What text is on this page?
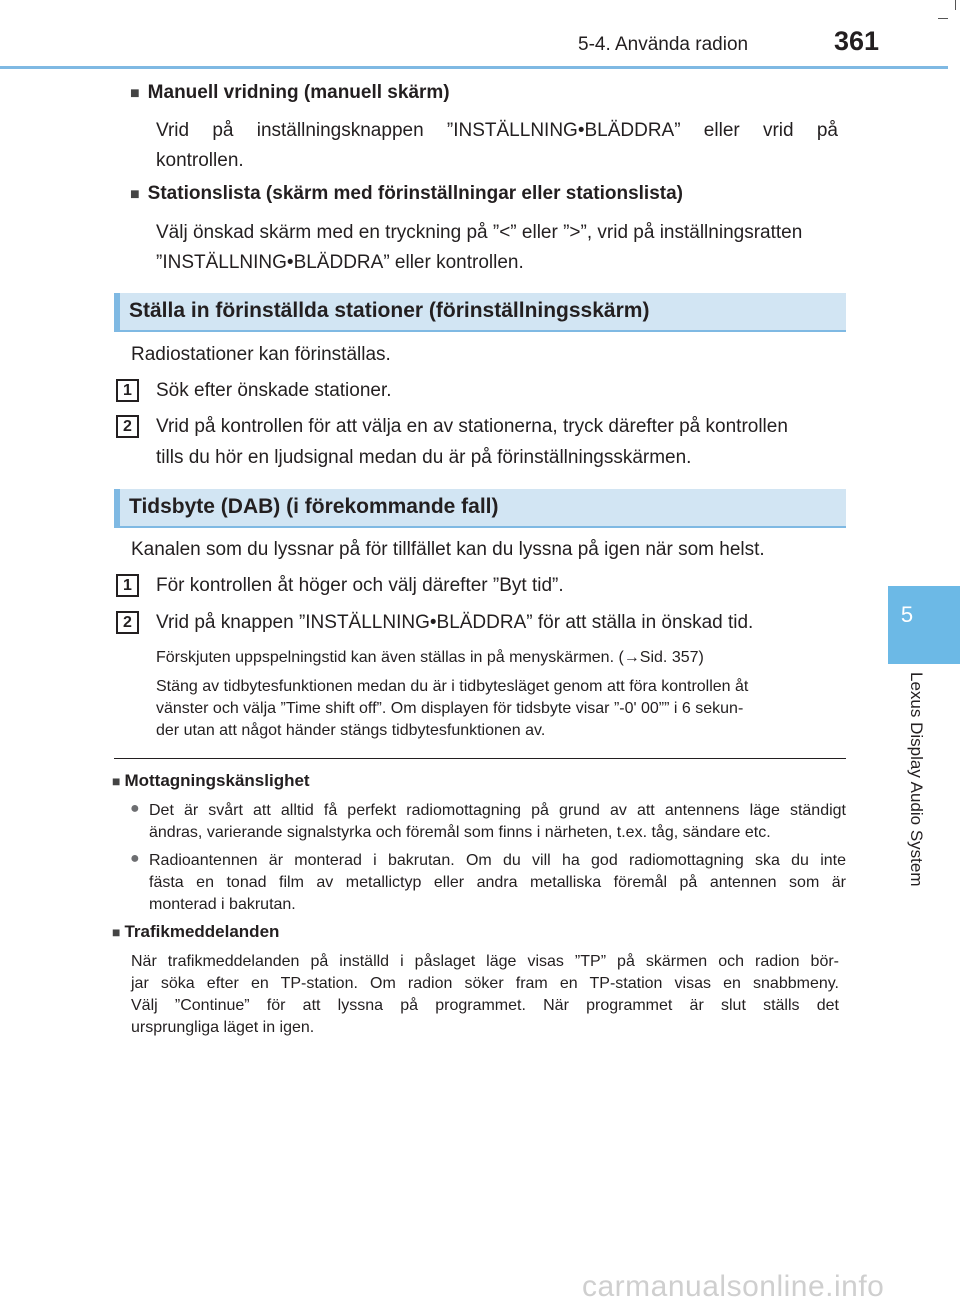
5-4. Använda radion	361
5
Lexus Display Audio System
■ Manuell vridning (manuell skärm)
Vrid på inställningsknappen ”INSTÄLLNING•BLÄDDRA” eller vrid på
kontrollen.
■ Stationslista (skärm med förinställningar eller stationslista)
Välj önskad skärm med en tryckning på ”<” eller ”>”, vrid på inställningsratten
”INSTÄLLNING•BLÄDDRA” eller kontrollen.
Ställa in förinställda stationer (förinställningsskärm)
Radiostationer kan förinställas.
1	Sök efter önskade stationer.
2	Vrid på kontrollen för att välja en av stationerna, tryck därefter på kontrollen
tills du hör en ljudsignal medan du är på förinställningsskärmen.
Tidsbyte (DAB) (i förekommande fall)
Kanalen som du lyssnar på för tillfället kan du lyssna på igen när som helst.
1	För kontrollen åt höger och välj därefter ”Byt tid”.
2	Vrid på knappen ”INSTÄLLNING•BLÄDDRA” för att ställa in önskad tid.
Förskjuten uppspelningstid kan även ställas in på menyskärmen. (→Sid. 357)
Stäng av tidbytesfunktionen medan du är i tidbytesläget genom att föra kontrollen åt
vänster och välja ”Time shift off”. Om displayen för tidsbyte visar ”-0' 00”” i 6 sekun-
der utan att något händer stängs tidbytesfunktionen av.
■ Mottagningskänslighet
● Det är svårt att alltid få perfekt radiomottagning på grund av att antennens läge ständigt
ändras, varierande signalstyrka och föremål som finns i närheten, t.ex. tåg, sändare etc.
● Radioantennen är monterad i bakrutan. Om du vill ha god radiomottagning ska du inte
fästa en tonad film av metallictyp eller andra metalliska föremål på antennen som är
monterad i bakrutan.
■ Trafikmeddelanden
När trafikmeddelanden på inställd i påslaget läge visas ”TP” på skärmen och radion bör-
jar söka efter en TP-station. Om radion söker fram en TP-station visas en snabbmeny.
Välj ”Continue” för att lyssna på programmet. När programmet är slut ställs det
ursprungliga läget in igen.
carmanualsonline.info
